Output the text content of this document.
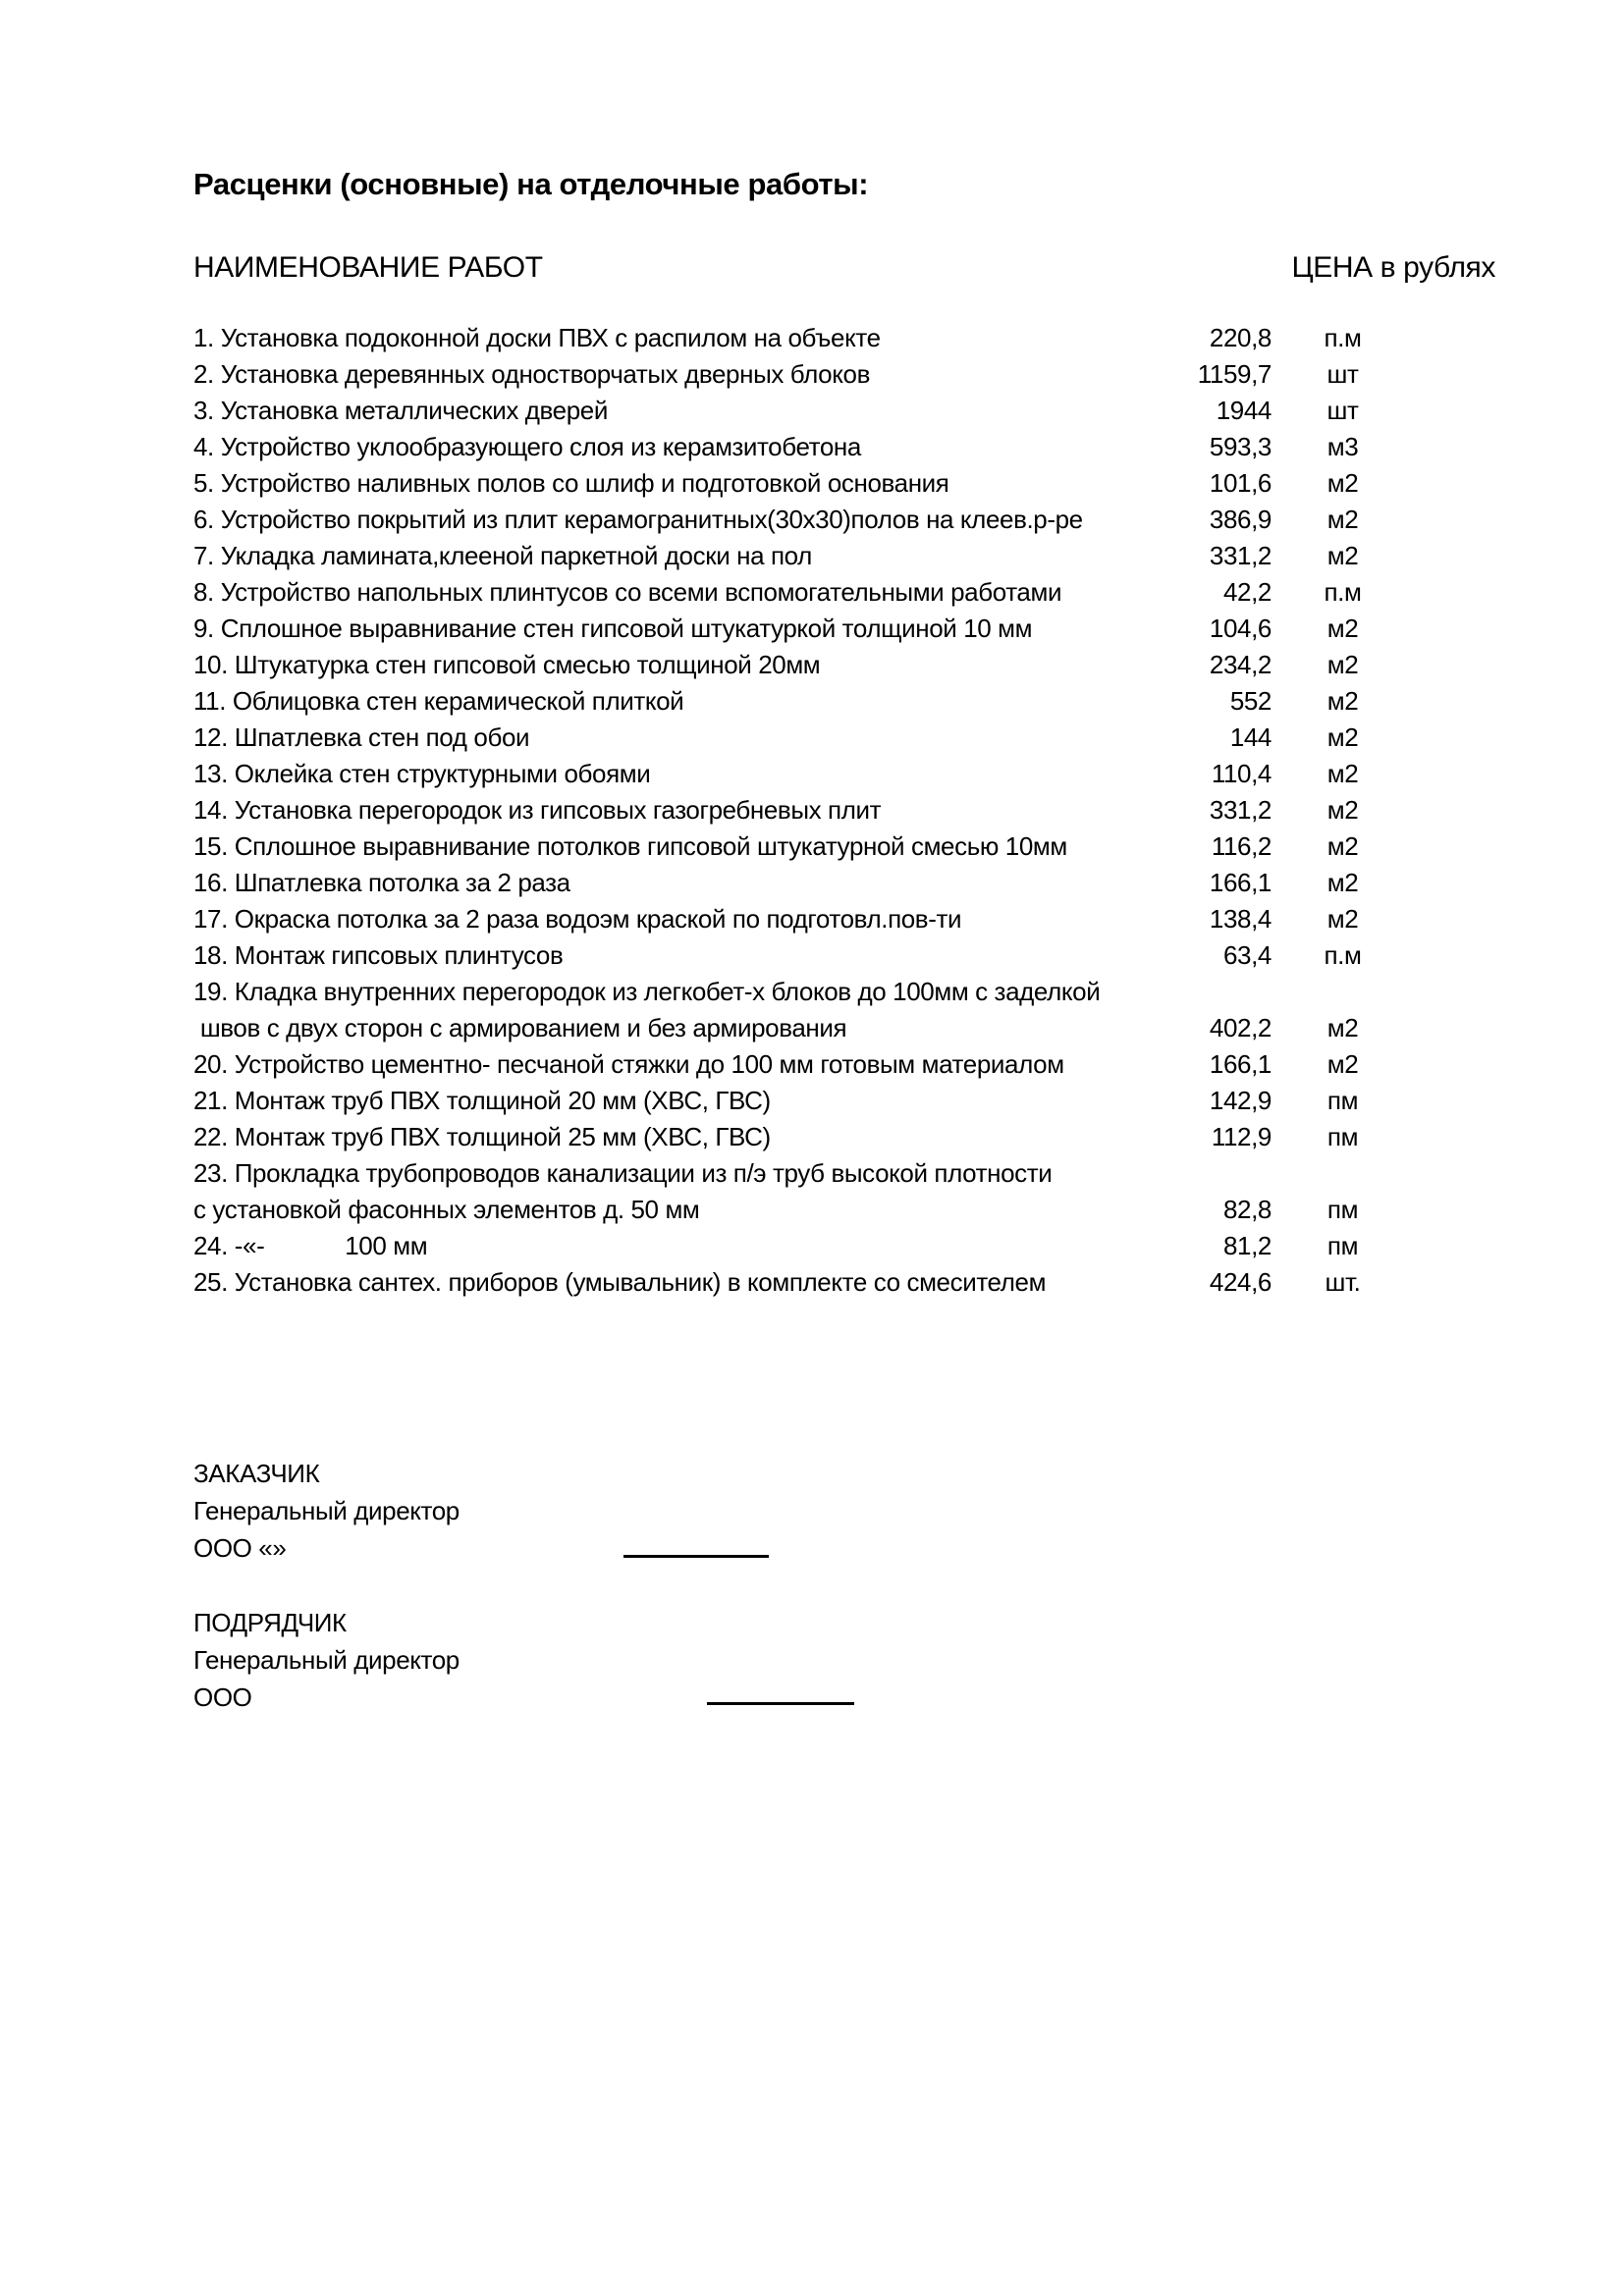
Расценки (основные) на отделочные работы:
НАИМЕНОВАНИЕ РАБОТ	ЦЕНА в рублях
1. Установка подоконной доски ПВХ с распилом на объекте	220,8	п.м
2. Установка деревянных одностворчатых дверных блоков	1159,7	шт
3. Установка металлических дверей	1944	шт
4. Устройство уклообразующего слоя из керамзитобетона	593,3	м3
5. Устройство наливных полов со шлиф и подготовкой основания	101,6	м2
6. Устройство покрытий из плит керамогранитных(30х30)полов на клеев.р-ре	386,9	м2
7. Укладка ламината,клееной паркетной доски на пол	331,2	м2
8. Устройство напольных плинтусов со всеми вспомогательными работами	42,2	п.м
9. Сплошное выравнивание стен гипсовой штукатуркой толщиной 10 мм	104,6	м2
10. Штукатурка стен гипсовой смесью толщиной 20мм	234,2	м2
11. Облицовка стен керамической плиткой	552	м2
12. Шпатлевка стен под обои	144	м2
13. Оклейка стен структурными обоями	110,4	м2
14. Установка перегородок из гипсовых газогребневых плит	331,2	м2
15. Сплошное выравнивание потолков гипсовой штукатурной смесью 10мм	116,2	м2
16. Шпатлевка потолка за 2 раза	166,1	м2
17. Окраска потолка за 2 раза водоэм краской по подготовл.пов-ти	138,4	м2
18. Монтаж гипсовых плинтусов	63,4	п.м
19. Кладка внутренних перегородок из легкобет-х блоков до 100мм с заделкой
швов с двух сторон с армированием и без армирования	402,2	м2
20. Устройство цементно- песчаной стяжки до 100 мм готовым материалом	166,1	м2
21. Монтаж труб ПВХ толщиной 20 мм (ХВС, ГВС)	142,9	пм
22. Монтаж труб ПВХ толщиной 25 мм (ХВС, ГВС)	112,9	пм
23. Прокладка трубопроводов канализации из п/э труб высокой плотности
с установкой фасонных элементов д. 50 мм	82,8	пм
24. -«-            100 мм	81,2	пм
25. Установка сантех. приборов (умывальник) в комплекте со смесителем	424,6	шт.
ЗАКАЗЧИК
Генеральный директор
ООО «»
ПОДРЯДЧИК
Генеральный директор
ООО
